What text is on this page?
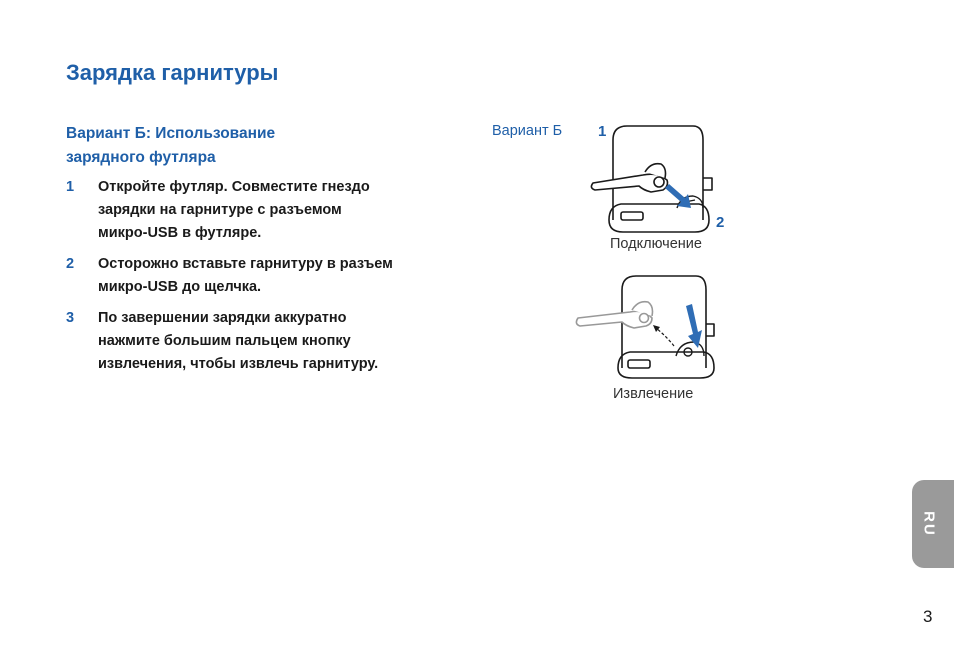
Зарядка гарнитуры
Вариант Б: Использование
зарядного футляра
1 Откройте футляр. Совместите гнездо
зарядки на гарнитуре с разъемом
микро-USB в футляре.
2 Осторожно вставьте гарнитуру в разъем
микро-USB до щелчка.
3 По завершении зарядки аккуратно
нажмите большим пальцем кнопку
извлечения, чтобы извлечь гарнитуру.
Вариант Б 1
2
Подключение
Извлечение
RU
3
